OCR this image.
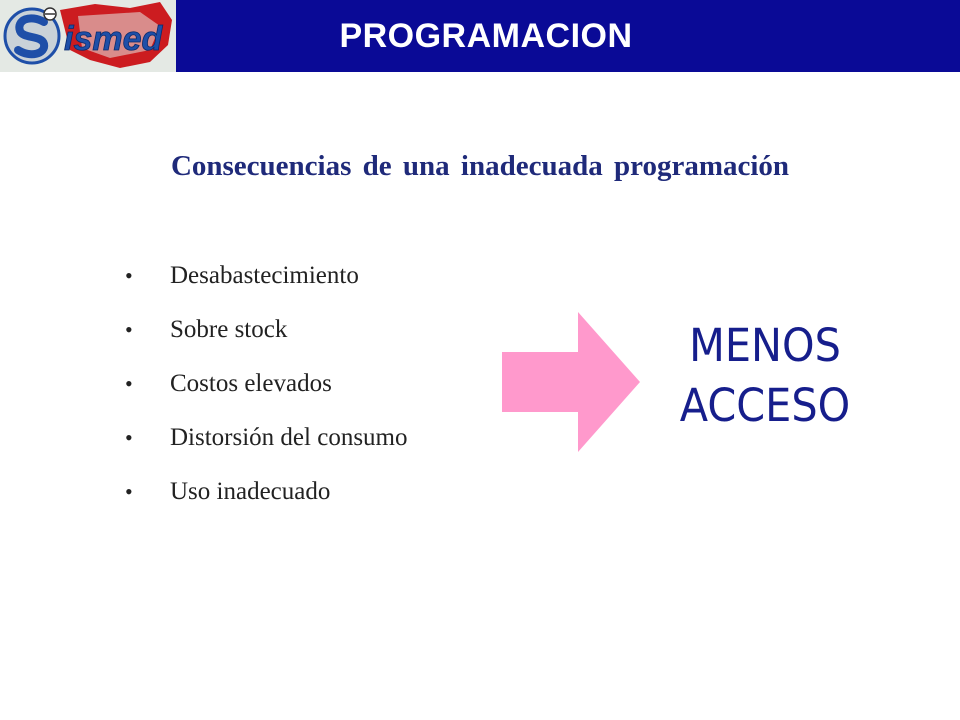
ismed	PROGRAMACION
Consecuencias de una inadecuada programación
•	Desabastecimiento
•	Sobre stock
•	Costos elevados
•	Distorsión del consumo
•	Uso inadecuado
MENOS
ACCESO
